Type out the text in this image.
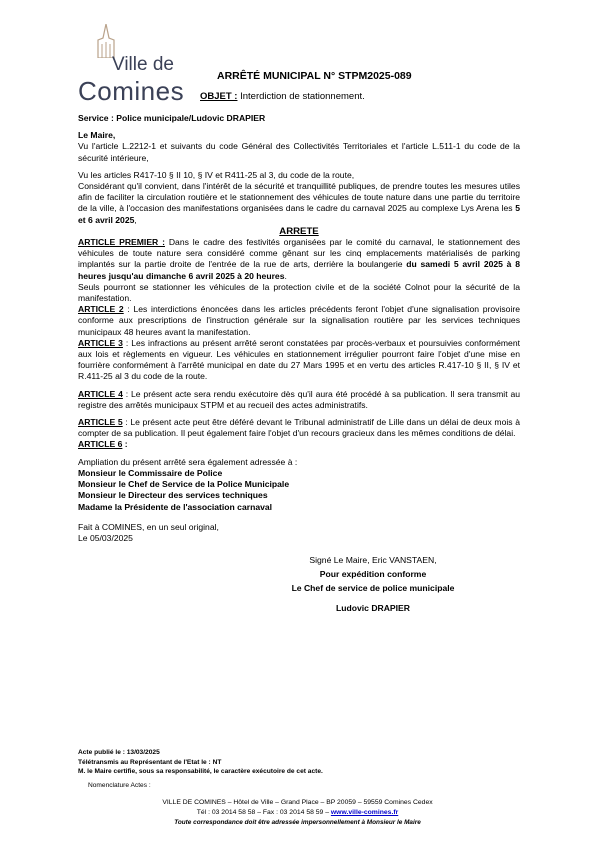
Ville de
Comines	ARRÊTÉ MUNICIPAL N° STPM2025-089
OBJET : Interdiction de stationnement.

Service : Police municipale/Ludovic DRAPIER

Le Maire,

Vu l'article L.2212-1 et suivants du code Général des Collectivités Territoriales et l'article L.511-1 du code de la sécurité intérieure,

Vu les articles R417-10 § II 10, § IV et R411-25 al 3, du code de la route,

Considérant qu'il convient, dans l'intérêt de la sécurité et tranquillité publiques, de prendre toutes les mesures utiles afin de faciliter la circulation routière et le stationnement des véhicules de toute nature dans une partie du territoire de la ville, à l'occasion des manifestations organisées dans le cadre du carnaval 2025 au complexe Lys Arena les 5 et 6 avril 2025,

ARRETE

ARTICLE PREMIER : Dans le cadre des festivités organisées par le comité du carnaval, le stationnement des véhicules de toute nature sera considéré comme gênant sur les cinq emplacements matérialisés de parking implantés sur la partie droite de l'entrée de la rue de arts, derrière la boulangerie du samedi 5 avril 2025 à 8 heures jusqu'au dimanche 6 avril 2025 à 20 heures.

Seuls pourront se stationner les véhicules de la protection civile et de la société Colnot pour la sécurité de la manifestation.

ARTICLE 2 : Les interdictions énoncées dans les articles précédents feront l'objet d'une signalisation provisoire conforme aux prescriptions de l'instruction générale sur la signalisation routière par les services techniques municipaux 48 heures avant la manifestation.

ARTICLE 3 : Les infractions au présent arrêté seront constatées par procès-verbaux et poursuivies conformément aux lois et règlements en vigueur. Les véhicules en stationnement irrégulier pourront faire l'objet d'une mise en fourrière conformément à l'arrêté municipal en date du 27 Mars 1995 et en vertu des articles R.417-10 § II, § IV et R.411-25 al 3 du code de la route.

ARTICLE 4 : Le présent acte sera rendu exécutoire dès qu'il aura été procédé à sa publication. Il sera transmit au registre des arrêtés municipaux STPM et au recueil des actes administratifs.

ARTICLE 5 : Le présent acte peut être déféré devant le Tribunal administratif de Lille dans un délai de deux mois à compter de sa publication. Il peut également faire l'objet d'un recours gracieux dans les mêmes conditions de délai.

ARTICLE 6 :

Ampliation du présent arrêté sera également adressée à :

Monsieur le Commissaire de Police

Monsieur le Chef de Service de la Police Municipale

Monsieur le Directeur des services techniques

Madame la Présidente de l'association carnaval

Fait à COMINES, en un seul original,

Le 05/03/2025

Signé Le Maire, Eric VANSTAEN,
Pour expédition conforme
Le Chef de service de police municipale
Ludovic DRAPIER
Acte publié le : 13/03/2025
Télétransmis au Représentant de l'Etat le : NT
M. le Maire certifie, sous sa responsabilité, le caractère exécutoire de cet acte.
Nomenclature Actes :
VILLE DE COMINES – Hôtel de Ville – Grand Place – BP 20059 – 59559 Comines Cedex
Tél : 03 2014 58 58 – Fax : 03 2014 58 59 – www.ville-comines.fr
Toute correspondance doit être adressée impersonnellement à Monsieur le Maire
